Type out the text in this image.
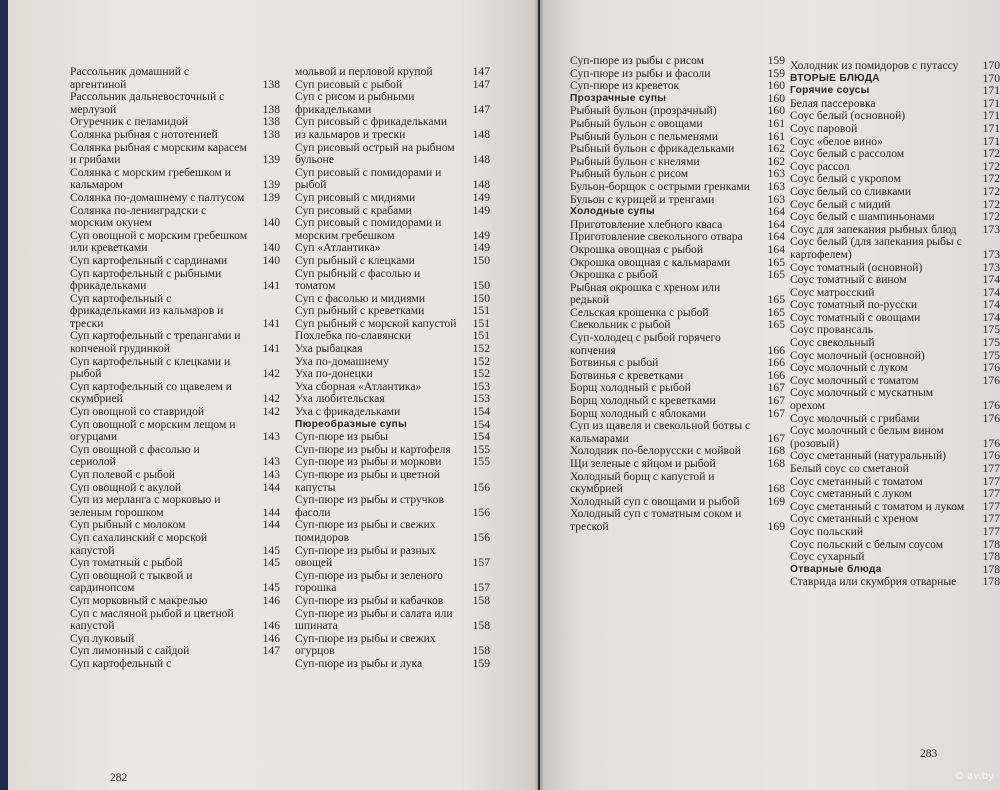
Рассольник домашний с аргентиной	138
Рассольник дальневосточный с мерлузой	138
Огуречник с пеламидой	138
Солянка рыбная с нототенией	138
Солянка рыбная с морским карасем и грибами	139
Солянка с морским гребешком и кальмаром	139
Солянка по-домашнему с палтусом	139
Солянка по-ленинградски с морским окунем	140
Суп овощной с морским гребешком или креветками	140
Суп картофельный с сардинами	140
Суп картофельный с рыбными фрикадельками	141
Суп картофельный с фрикадельками из кальмаров и трески	141
Суп картофельный с трепангами и копченой грудинкой	141
Суп картофельный с клецками и рыбой	142
Суп картофельный со щавелем и скумбрией	142
Суп овощной со ставридой	142
Суп овощной с морским лещом и огурцами	143
Суп овощной с фасолью и сериолой	143
Суп полевой с рыбой	143
Суп овощной с акулой	144
Суп из мерланга с морковью и зеленым горошком	144
Суп рыбный с молоком	144
Суп сахалинский с морской капустой	145
Суп томатный с рыбой	145
Суп овощной с тыквой и сардинопсом	145
Суп морковный с макрелью	146
Суп с масляной рыбой и цветной капустой	146
Суп луковый	146
Суп лимонный с сайдой	147
Суп картофельный с
мольвой и перловой крупой	147
Суп рисовый с рыбой	147
Суп с рисом и рыбными фрикадельками	147
Суп рисовый с фрикадельками из кальмаров и трески	148
Суп рисовый острый на рыбном бульоне	148
Суп рисовый с помидорами и рыбой	148
Суп рисовый с мидиями	149
Суп рисовый с крабами	149
Суп рисовый с помидорами и морским гребешком	149
Суп «Атлантика»	149
Суп рыбный с клецками	150
Суп рыбный с фасолью и томатом	150
Суп с фасолью и мидиями	150
Суп рыбный с креветками	151
Суп рыбный с морской капустой	151
Похлебка по-славянски	151
Уха рыбацкая	152
Уха по-домашнему	152
Уха по-донецки	152
Уха сборная «Атлантика»	153
Уха любительская	153
Уха с фрикадельками	154
Пюреобразные супы	154
Суп-пюре из рыбы	154
Суп-пюре из рыбы и картофеля	155
Суп-пюре из рыбы и моркови	155
Суп-пюре из рыбы и цветной капусты	156
Суп-пюре из рыбы и стручков фасоли	156
Суп-пюре из рыбы и свежих помидоров	156
Суп-пюре из рыбы и разных овощей	157
Суп-пюре из рыбы и зеленого горошка	157
Суп-пюре из рыбы и кабачков	158
Суп-пюре из рыбы и салата или шпината	158
Суп-пюре из рыбы и свежих огурцов	158
Суп-пюре из рыбы и лука	159
Суп-пюре из рыбы с рисом	159
Суп-пюре из рыбы и фасоли	159
Суп-пюре из креветок	160
Прозрачные супы	160
Рыбный бульон (прозрачный)	160
Рыбный бульон с овощами	161
Рыбный бульон с пельменями	161
Рыбный бульон с фрикадельками	162
Рыбный бульон с кнелями	162
Рыбный бульон с рисом	163
Бульон-борщок с острыми гренками	163
Бульон с курицей и тренгами	163
Холодные супы	164
Приготовление хлебного кваса	164
Приготовление свекольного отвара	164
Окрошка овощная с рыбой	164
Окрошка овощная с кальмарами	165
Окрошка с рыбой	165
Рыбная окрошка с хреном или редькой	165
Сельская крошенка с рыбой	165
Свекольник с рыбой	165
Суп-холодец с рыбой горячего копчения	166
Ботвинья с рыбой	166
Ботвинья с креветками	166
Борщ холодный с рыбой	167
Борщ холодный с креветками	167
Борщ холодный с яблоками	167
Суп из щавеля и свекольной ботвы с кальмарами	167
Холодник по-белорусски с мойвой	168
Щи зеленые с яйцом и рыбой	168
Холодный борщ с капустой и скумбрией	168
Холодный суп с овощами и рыбой	169
Холодный суп с томатным соком и треской	169
Холодник из помидоров с путассу	170
ВТОРЫЕ БЛЮДА	170
Горячие соусы	171
Белая пассеровка	171
Соус белый (основной)	171
Соус паровой	171
Соус «белое вино»	171
Соус белый с рассолом	172
Соус рассол	172
Соус белый с укропом	172
Соус белый со сливками	172
Соус белый с мидий	172
Соус белый с шампиньонами	172
Соус для запекания рыбных блюд	173
Соус белый (для запекания рыбы с картофелем)	173
Соус томатный (основной)	173
Соус томатный с вином	174
Соус матросский	174
Соус томатный по-русски	174
Соус томатный с овощами	174
Соус провансаль	175
Соус свекольный	175
Соус молочный (основной)	175
Соус молочный с луком	176
Соус молочный с томатом	176
Соус молочный с мускатным орехом	176
Соус молочный с грибами	176
Соус молочный с белым вином (розовый)	176
Соус сметанный (натуральный)	176
Белый соус со сметаной	177
Соус сметанный с томатом	177
Соус сметанный с луком	177
Соус сметанный с томатом и луком	177
Соус сметанный с хреном	177
Соус польский	177
Соус польский с белым соусом	178
Соус сухарный	178
Отварные блюда	178
Ставрида или скумбрия отварные	178
282
283
© av.by
